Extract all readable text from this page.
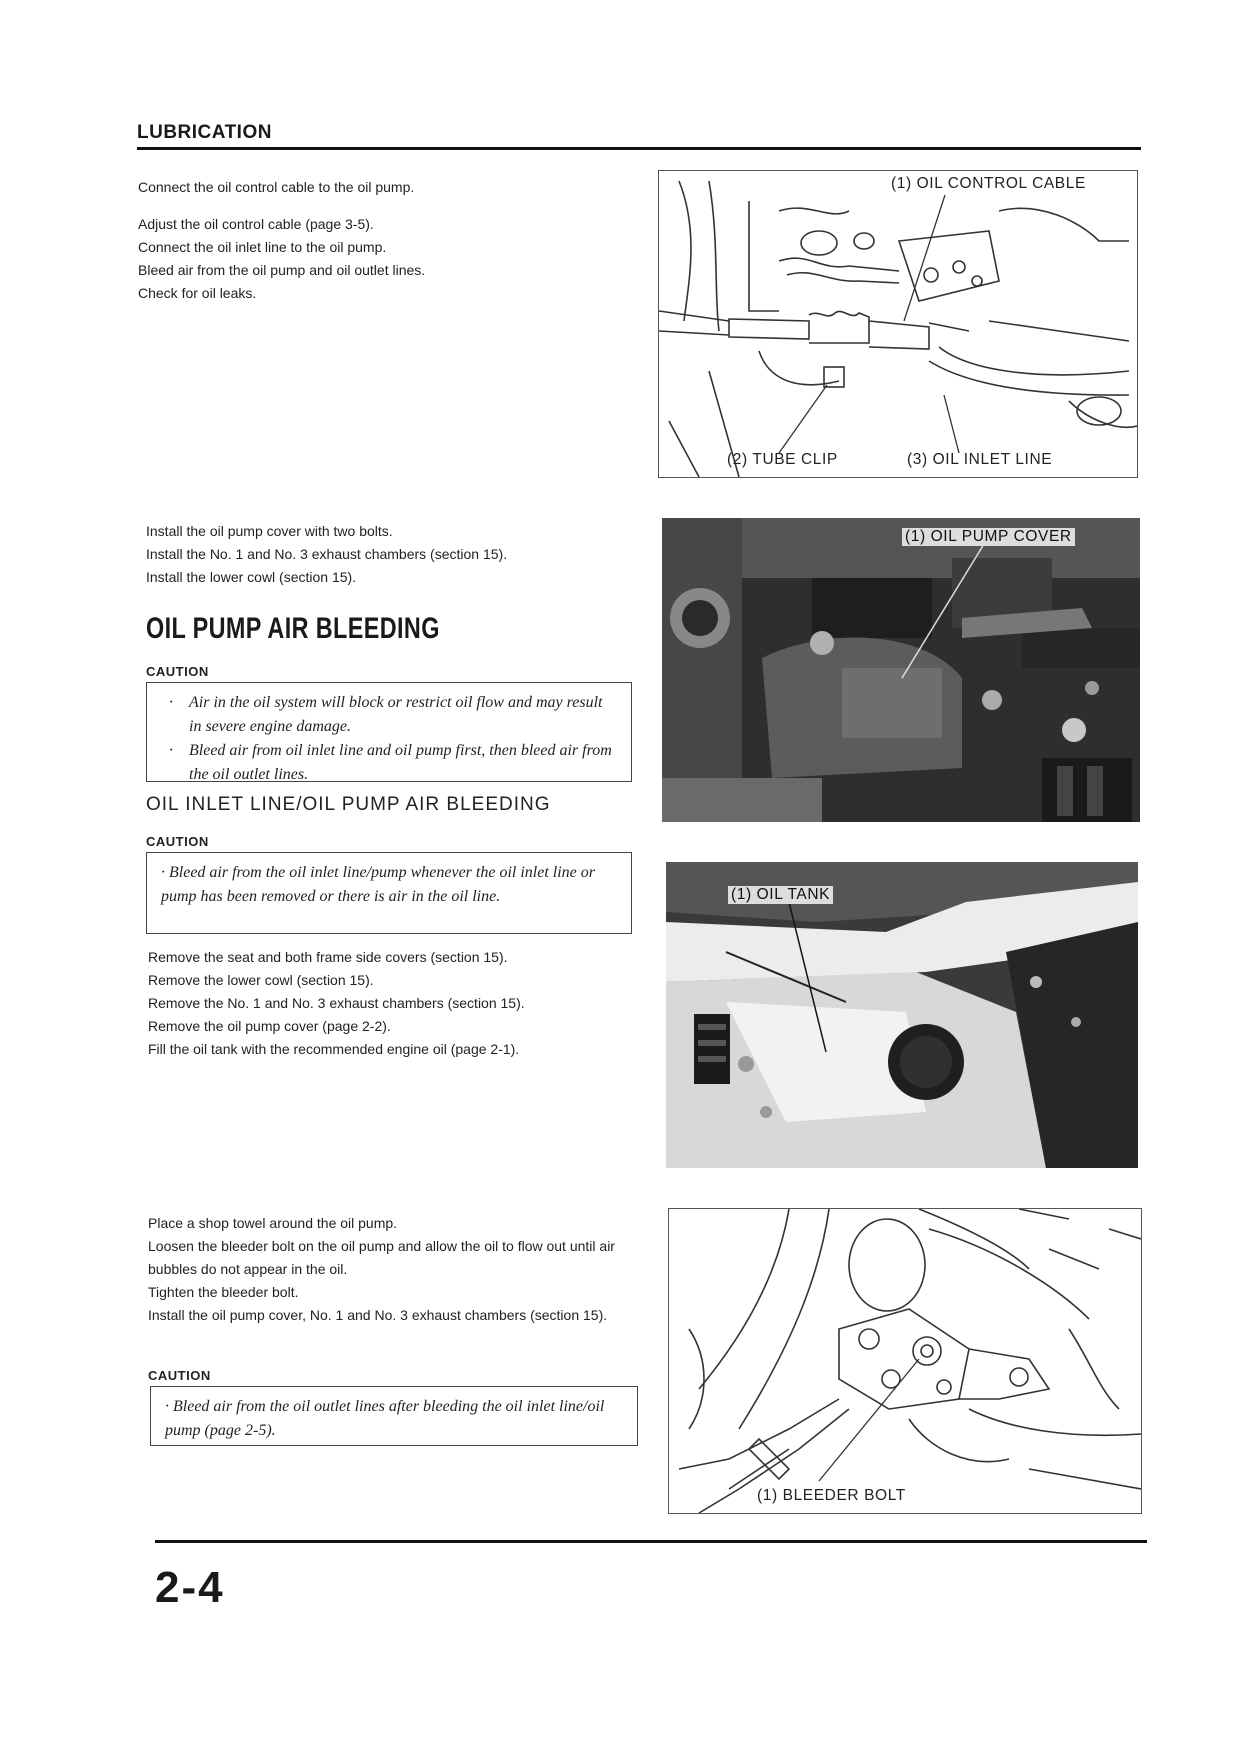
LUBRICATION

Connect the oil control cable to the oil pump.

Adjust the oil control cable (page 3-5).

Connect the oil inlet line to the oil pump.

Bleed air from the oil pump and oil outlet lines.

Check for oil leaks.

(1) OIL CONTROL CABLE
(2) TUBE CLIP	(3) OIL INLET LINE

Install the oil pump cover with two bolts.

Install the No. 1 and No. 3 exhaust chambers (section 15).

Install the lower cowl (section 15).

(1) OIL PUMP COVER
OIL PUMP AIR BLEEDING
CAUTION

·    Air in the oil system will block or restrict oil flow and may result in severe engine damage.

·    Bleed air from oil inlet line and oil pump first, then bleed air from the oil outlet lines.

OIL INLET LINE/OIL PUMP AIR BLEEDING
CAUTION

· Bleed air from the oil inlet line/pump whenever the oil inlet line or pump has been removed or there is air in the oil line.

Remove the seat and both frame side covers (section 15).

Remove the lower cowl (section 15).

Remove the No. 1 and No. 3 exhaust chambers (section 15).

Remove the oil pump cover (page 2-2).

Fill the oil tank with the recommended engine oil (page 2-1).

(1) OIL TANK

Place a shop towel around the oil pump.

Loosen the bleeder bolt on the oil pump and allow the oil to flow out until air bubbles do not appear in the oil.

Tighten the bleeder bolt.

Install the oil pump cover, No. 1 and No. 3 exhaust chambers (section 15).

CAUTION

· Bleed air from the oil outlet lines after bleeding the oil inlet line/oil pump (page 2-5).

(1) BLEEDER BOLT
2-4
